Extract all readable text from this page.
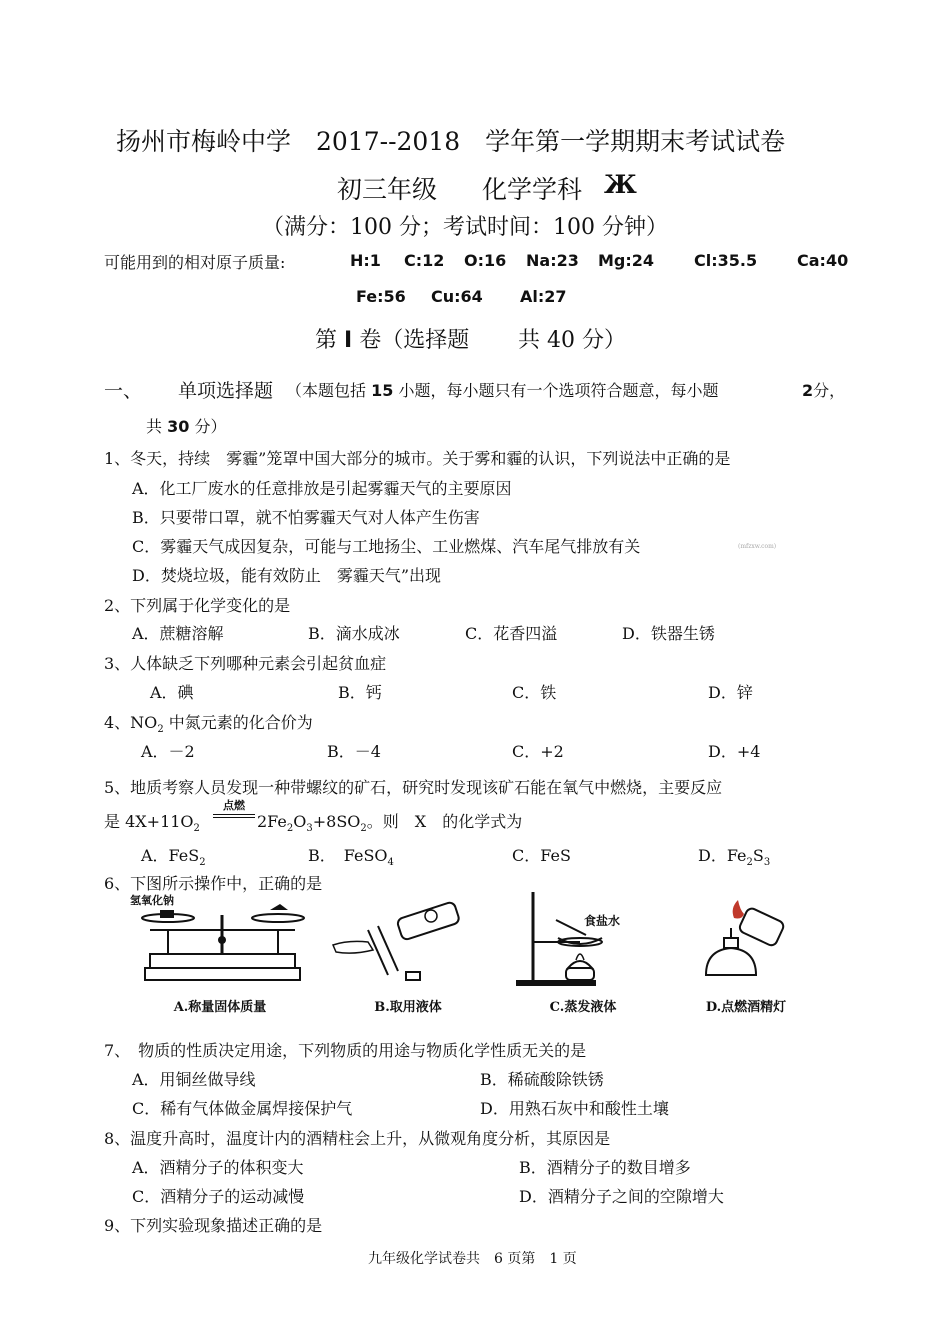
扬州市梅岭中学　2017--2018　学年第一学期期末考试试卷
初三年级 化学学科 Ж
（满分：100 分；考试时间：100 分钟）
可能用到的相对原子质量:	H:1 C:12 O:16 Na:23 Mg:24 Cl:35.5 Ca:40
Fe:56 Cu:64 Al:27
第 I 卷（选择题 共 40 分）
一、 单项选择题 （本题包括 15 小题，每小题只有一个选项符合题意，每小题	2分，
共 30 分）
1、冬天，持续　雾霾”笼罩中国大部分的城市。关于雾和霾的认识，下列说法中正确的是
A．化工厂废水的任意排放是引起雾霾天气的主要原因
B．只要带口罩，就不怕雾霾天气对人体产生伤害
C．雾霾天气成因复杂，可能与工地扬尘、工业燃煤、汽车尾气排放有关	(mfzxw.com)
D．焚烧垃圾，能有效防止　雾霾天气”出现
2、下列属于化学变化的是
A．蔗糖溶解	B．滴水成冰	C．花香四溢	D．铁器生锈
3、人体缺乏下列哪种元素会引起贫血症
A．碘	B．钙	C．铁	D．锌
4、$NO_2$ 中氮元素的化合价为
A．－2	B．－4	C．+2	D．+4
5、地质考察人员发现一种带螺纹的矿石，研究时发现该矿石能在氧气中燃烧，主要反应
是 $4X+11O_2$
点燃
$2Fe_2O_3+8SO_2$。则　X　的化学式为
A．FeS$_2$	B．　FeSO$_4$	C．FeS	D．$Fe_2S_3$
6、下图所示操作中，正确的是
氢氧化钠
A.称量固体质量	B.取用液体
食盐水
C.蒸发液体	D.点燃酒精灯
7、　物质的性质决定用途，下列物质的用途与物质化学性质无关的是
A．用铜丝做导线	B．稀硫酸除铁锈
C．稀有气体做金属焊接保护气	D．用熟石灰中和酸性土壤
8、温度升高时，温度计内的酒精柱会上升，从微观角度分析，其原因是
A．酒精分子的体积变大	B．酒精分子的数目增多
C．酒精分子的运动减慢	D．酒精分子之间的空隙增大
9、下列实验现象描述正确的是
九年级化学试卷共　6 页第　1 页
